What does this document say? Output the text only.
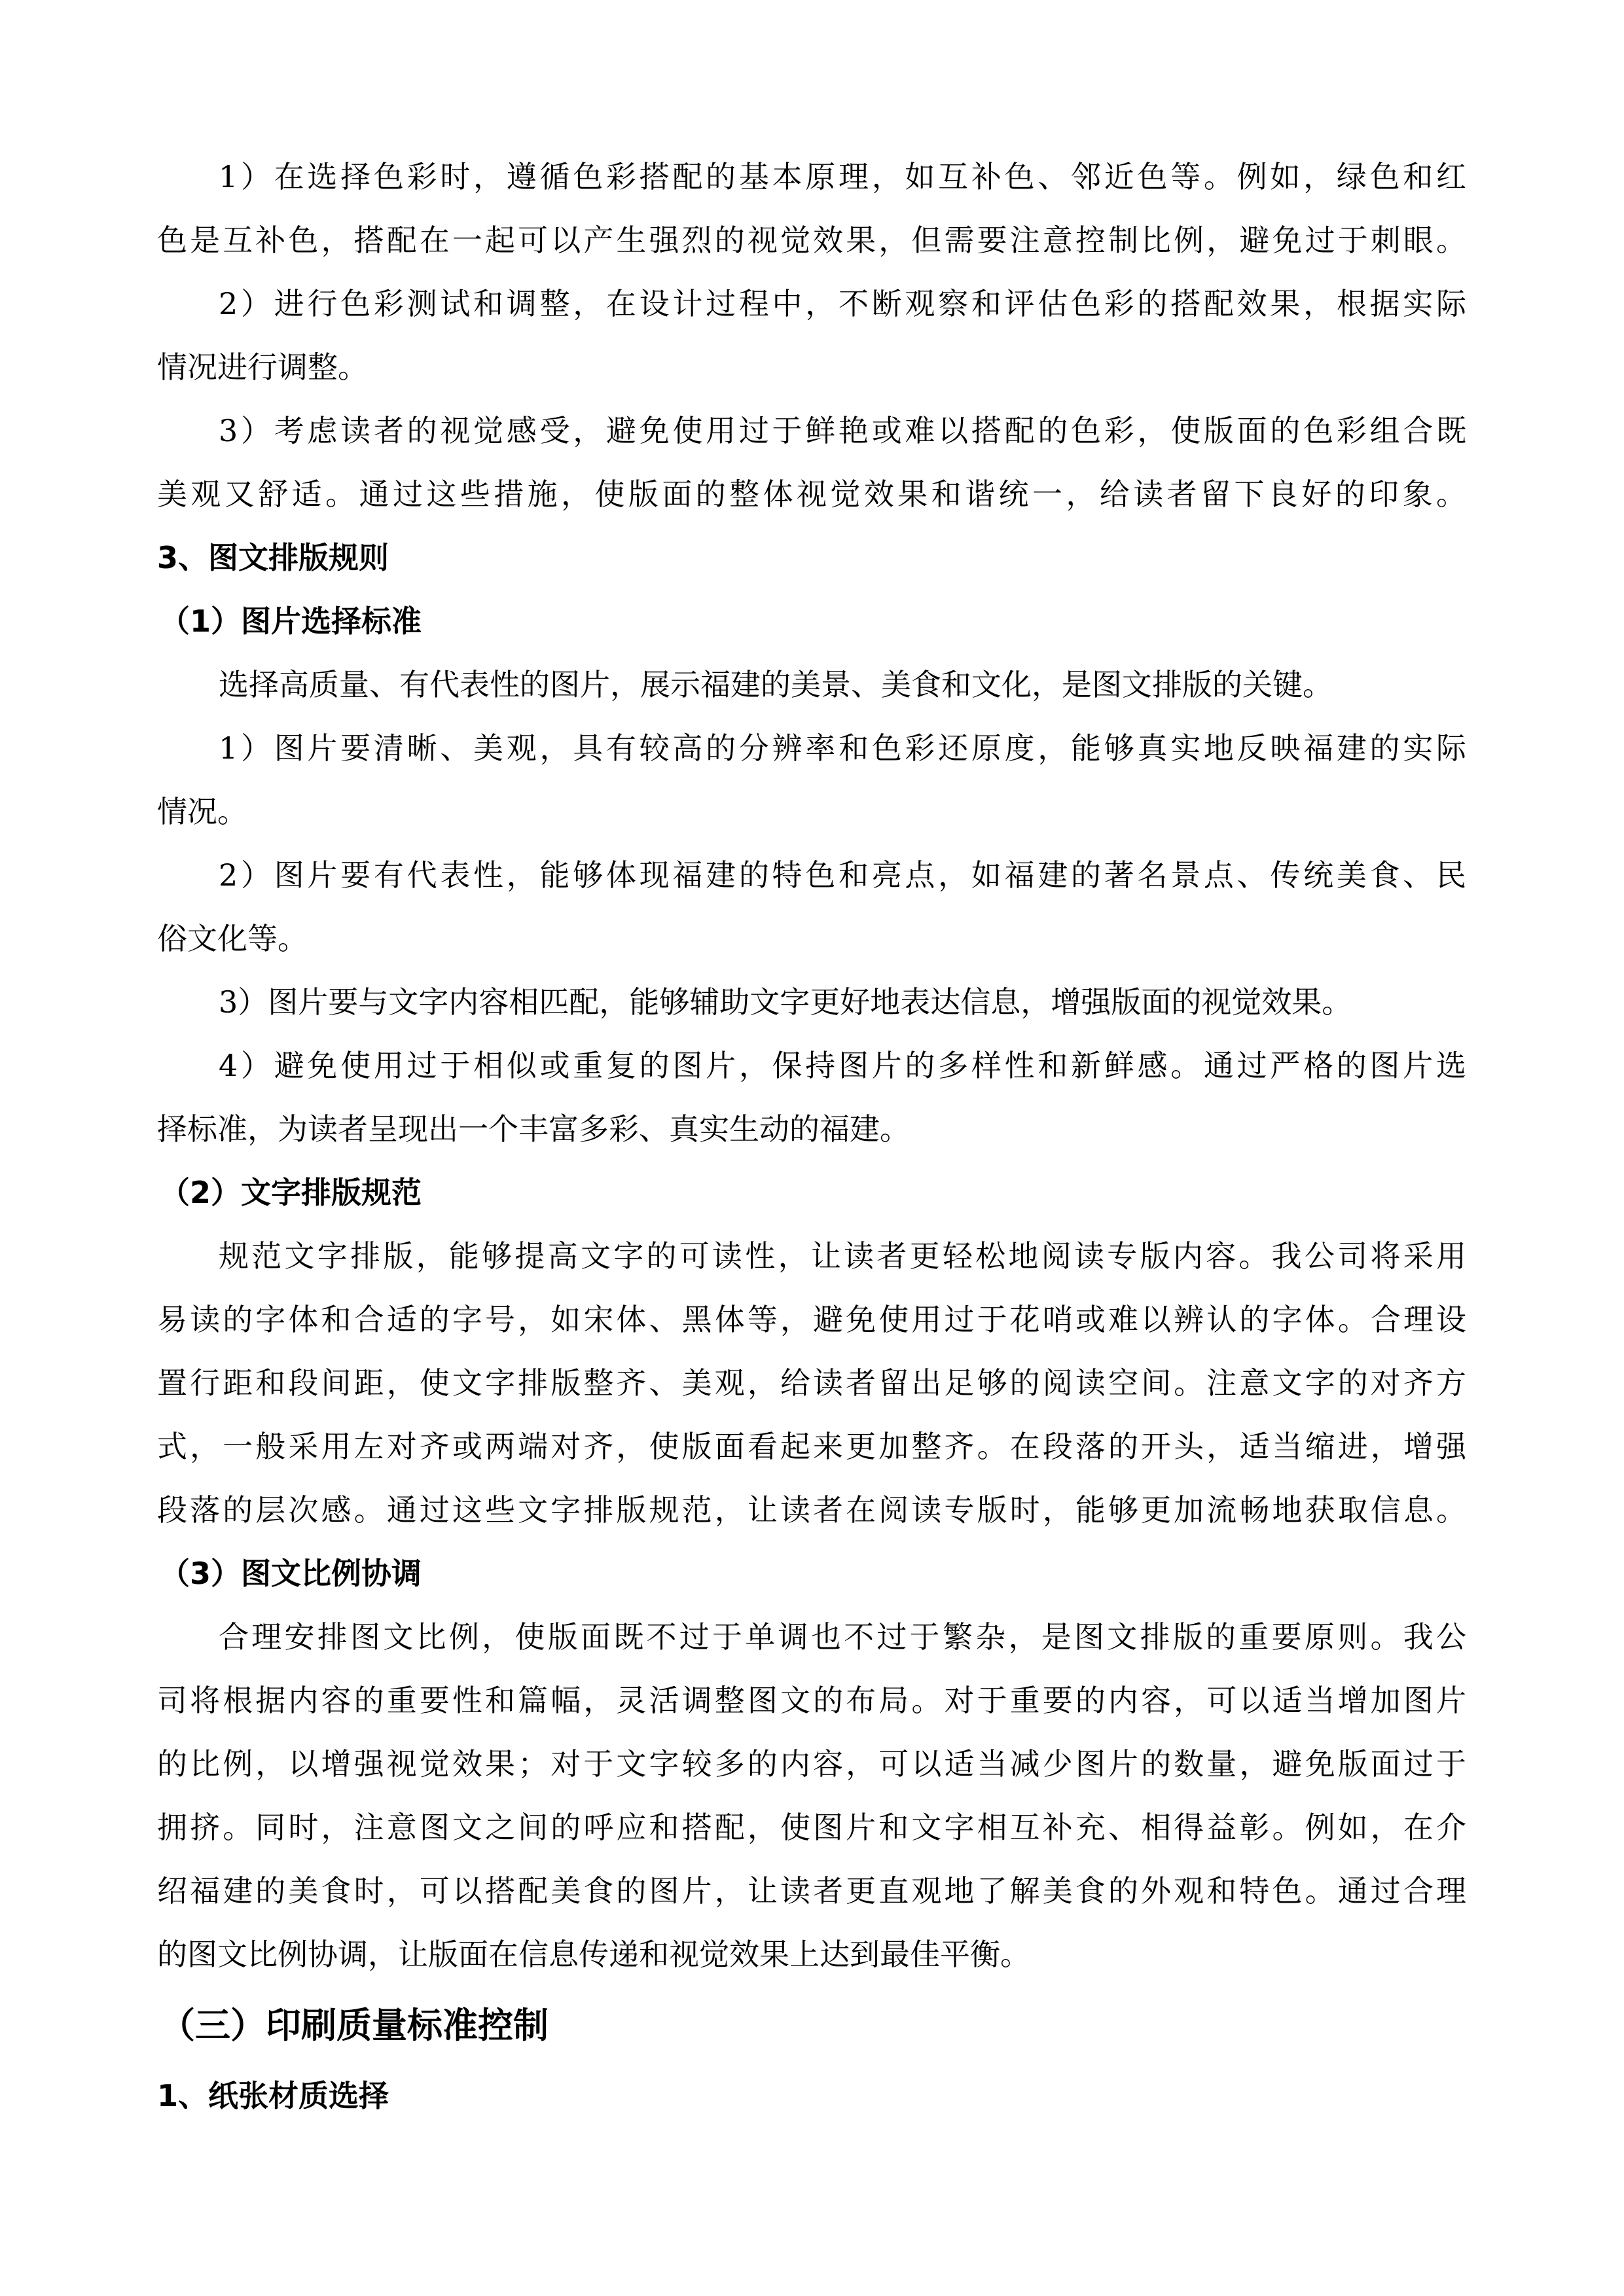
1）在选择色彩时，遵循色彩搭配的基本原理，如互补色、邻近色等。例如，绿色和红
色是互补色，搭配在一起可以产生强烈的视觉效果，但需要注意控制比例，避免过于刺眼。
2）进行色彩测试和调整，在设计过程中，不断观察和评估色彩的搭配效果，根据实际
情况进行调整。
3）考虑读者的视觉感受，避免使用过于鲜艳或难以搭配的色彩，使版面的色彩组合既
美观又舒适。通过这些措施，使版面的整体视觉效果和谐统一，给读者留下良好的印象。
3、图文排版规则
（1）图片选择标准
选择高质量、有代表性的图片，展示福建的美景、美食和文化，是图文排版的关键。
1）图片要清晰、美观，具有较高的分辨率和色彩还原度，能够真实地反映福建的实际
情况。
2）图片要有代表性，能够体现福建的特色和亮点，如福建的著名景点、传统美食、民
俗文化等。
3）图片要与文字内容相匹配，能够辅助文字更好地表达信息，增强版面的视觉效果。
4）避免使用过于相似或重复的图片，保持图片的多样性和新鲜感。通过严格的图片选
择标准，为读者呈现出一个丰富多彩、真实生动的福建。
（2）文字排版规范
规范文字排版，能够提高文字的可读性，让读者更轻松地阅读专版内容。我公司将采用
易读的字体和合适的字号，如宋体、黑体等，避免使用过于花哨或难以辨认的字体。合理设
置行距和段间距，使文字排版整齐、美观，给读者留出足够的阅读空间。注意文字的对齐方
式，一般采用左对齐或两端对齐，使版面看起来更加整齐。在段落的开头，适当缩进，增强
段落的层次感。通过这些文字排版规范，让读者在阅读专版时，能够更加流畅地获取信息。
（3）图文比例协调
合理安排图文比例，使版面既不过于单调也不过于繁杂，是图文排版的重要原则。我公
司将根据内容的重要性和篇幅，灵活调整图文的布局。对于重要的内容，可以适当增加图片
的比例，以增强视觉效果；对于文字较多的内容，可以适当减少图片的数量，避免版面过于
拥挤。同时，注意图文之间的呼应和搭配，使图片和文字相互补充、相得益彰。例如，在介
绍福建的美食时，可以搭配美食的图片，让读者更直观地了解美食的外观和特色。通过合理
的图文比例协调，让版面在信息传递和视觉效果上达到最佳平衡。
（三）印刷质量标准控制
1、纸张材质选择
